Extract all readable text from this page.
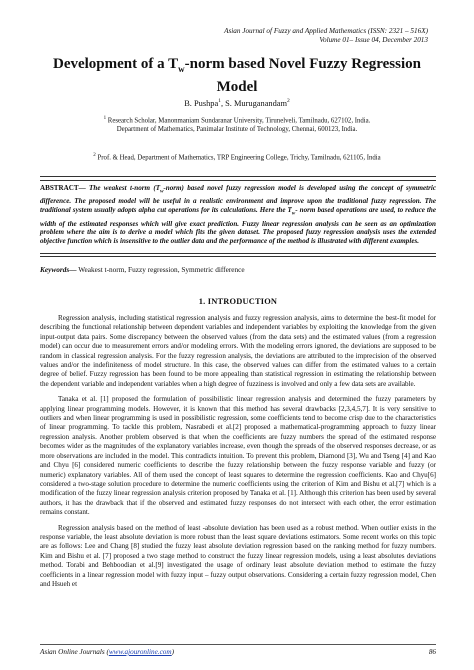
Asian Journal of Fuzzy and Applied Mathematics (ISSN: 2321 – 516X)
Volume 01– Issue 04, December 2013
Development of a $T_w$-norm based Novel Fuzzy Regression
Model
B. Pushpa$^1$, S. Muruganandam$^2$
$^1$ Research Scholar, Manonmaniam Sundaranar University, Tirunelveli, Tamilnadu, 627102, India.
Department of Mathematics, Panimalar Institute of Technology, Chennai, 600123, India.
$^2$ Prof. & Head, Department of Mathematics, TRP Engineering College, Trichy, Tamilnadu, 621105, India
ABSTRACT— The weakest t-norm $(T_w-norm)$ based novel fuzzy regression model is developed using the concept of symmetric difference. The proposed model will be useful in a realistic environment and improve upon the traditional fuzzy regression. The traditional system usually adopts alpha cut operations for its calculations. Here the $T_w-$ norm based operations are used, to reduce the width of the estimated responses which will give exact prediction. Fuzzy linear regression analysis can be seen as an optimization problem where the aim is to derive a model which fits the given dataset. The proposed fuzzy regression analysis uses the extended objective function which is insensitive to the outlier data and the performance of the method is illustrated with different examples.
Keywords— Weakest t-norm, Fuzzy regression, Symmetric difference
1. INTRODUCTION

Regression analysis, including statistical regression analysis and fuzzy regression analysis, aims to determine the best-fit model for describing the functional relationship between dependent variables and independent variables by exploiting the knowledge from the given input-output data pairs. Some discrepancy between the observed values (from the data sets) and the estimated values (from a regression model) can occur due to measurement errors and/or modeling errors. With the modeling errors ignored, the deviations are supposed to be random in classical regression analysis. For the fuzzy regression analysis, the deviations are attributed to the imprecision of the observed values and/or the indefiniteness of model structure. In this case, the observed values can differ from the estimated values to a certain degree of belief. Fuzzy regression has been found to be more appealing than statistical regression in estimating the relationship between the dependent variable and independent variables when a high degree of fuzziness is involved and only a few data sets are available.

Tanaka et al. [1] proposed the formulation of possibilistic linear regression analysis and determined the fuzzy parameters by applying linear programming models. However, it is known that this method has several drawbacks [2,3,4,5,7]. It is very sensitive to outliers and when linear programming is used in possibilistic regression, some coefficients tend to become crisp due to the characteristics of linear programming. To tackle this problem, Nasrabedi et al.[2] proposed a mathematical-programming approach to fuzzy linear regression analysis. Another problem observed is that when the coefficients are fuzzy numbers the spread of the estimated response becomes wider as the magnitudes of the explanatory variables increase, even though the spreads of the observed responses decrease, or as more observations are included in the model. This contradicts intuition. To prevent this problem, Diamond [3], Wu and Tseng [4] and Kao and Chyu [6] considered numeric coefficients to describe the fuzzy relationship between the fuzzy response variable and fuzzy (or numeric) explanatory variables. All of them used the concept of least squares to determine the regression coefficients. Kao and Chyu[6] considered a two-stage solution procedure to determine the numeric coefficients using the criterion of Kim and Bishu et al.[7] which is a modification of the fuzzy linear regression analysis criterion proposed by Tanaka et al. [1]. Although this criterion has been used by several authors, it has the drawback that if the observed and estimated fuzzy responses do not intersect with each other, the error estimation remains constant.

Regression analysis based on the method of least -absolute deviation has been used as a robust method. When outlier exists in the response variable, the least absolute deviation is more robust than the least square deviations estimators. Some recent works on this topic are as follows: Lee and Chang [8] studied the fuzzy least absolute deviation regression based on the ranking method for fuzzy numbers. Kim and Bishu et al. [7] proposed a two stage method to construct the fuzzy linear regression models, using a least absolutes deviations method. Torabi and Behboodian et al.[9] investigated the usage of ordinary least absolute deviation method to estimate the fuzzy coefficients in a linear regression model with fuzzy input – fuzzy output observations. Considering a certain fuzzy regression model, Chen and Hsueh et

Asian Online Journals (www.ajouronline.com)	86
